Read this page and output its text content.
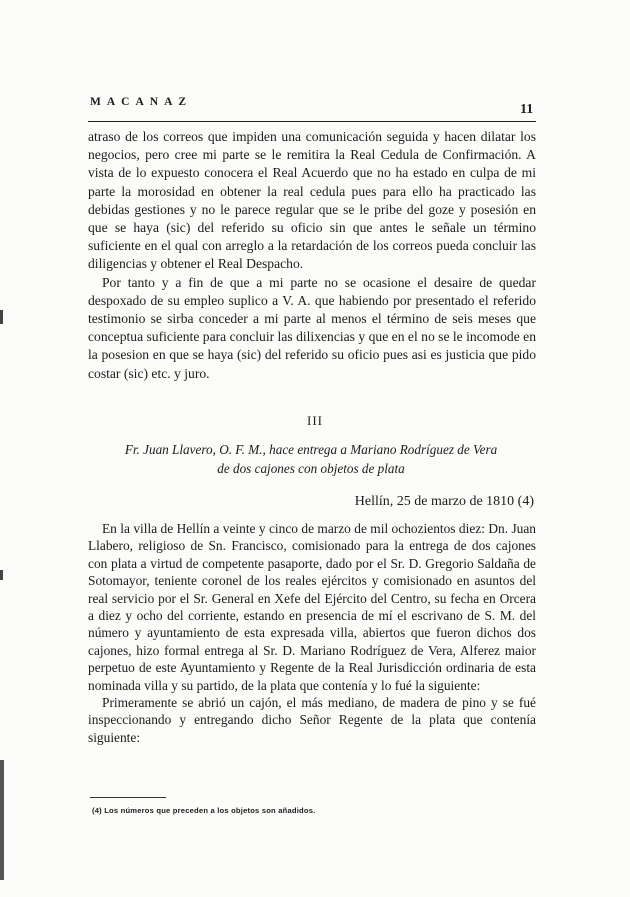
MACANAZ	11

atraso de los correos que impiden una comunicación seguida y hacen dilatar los negocios, pero cree mi parte se le remitira la Real Cedula de Confirmación. A vista de lo expuesto conocera el Real Acuerdo que no ha estado en culpa de mi parte la morosidad en obtener la real cedula pues para ello ha practicado las debidas gestiones y no le parece regular que se le pribe del goze y posesión en que se haya (sic) del referido su oficio sin que antes le señale un término suficiente en el qual con arreglo a la retardación de los correos pueda concluir las diligencias y obtener el Real Despacho.

Por tanto y a fin de que a mi parte no se ocasione el desaire de quedar despoxado de su empleo suplico a V. A. que habiendo por presentado el referido testimonio se sirba conceder a mi parte al menos el término de seis meses que conceptua suficiente para concluir las dilixencias y que en el no se le incomode en la posesion en que se haya (sic) del referido su oficio pues asi es justicia que pido costar (sic) etc. y juro.

III
Fr. Juan Llavero, O. F. M., hace entrega a Mariano Rodríguez de Vera
de dos cajones con objetos de plata
Hellín, 25 de marzo de 1810 (4)

En la villa de Hellín a veinte y cinco de marzo de mil ochozientos diez: Dn. Juan Llabero, religioso de Sn. Francisco, comisionado para la entrega de dos cajones con plata a virtud de competente pasaporte, dado por el Sr. D. Gregorio Saldaña de Sotomayor, teniente coronel de los reales ejércitos y comisionado en asuntos del real servicio por el Sr. General en Xefe del Ejército del Centro, su fecha en Orcera a diez y ocho del corriente, estando en presencia de mí el escrivano de S. M. del número y ayuntamiento de esta expresada villa, abiertos que fueron dichos dos cajones, hizo formal entrega al Sr. D. Mariano Rodríguez de Vera, Alferez maior perpetuo de este Ayuntamiento y Regente de la Real Jurisdicción ordinaria de esta nominada villa y su partido, de la plata que contenía y lo fué la siguiente:

Primeramente se abrió un cajón, el más mediano, de madera de pino y se fué inspeccionando y entregando dicho Señor Regente de la plata que contenía siguiente:

(4) Los números que preceden a los objetos son añadidos.
